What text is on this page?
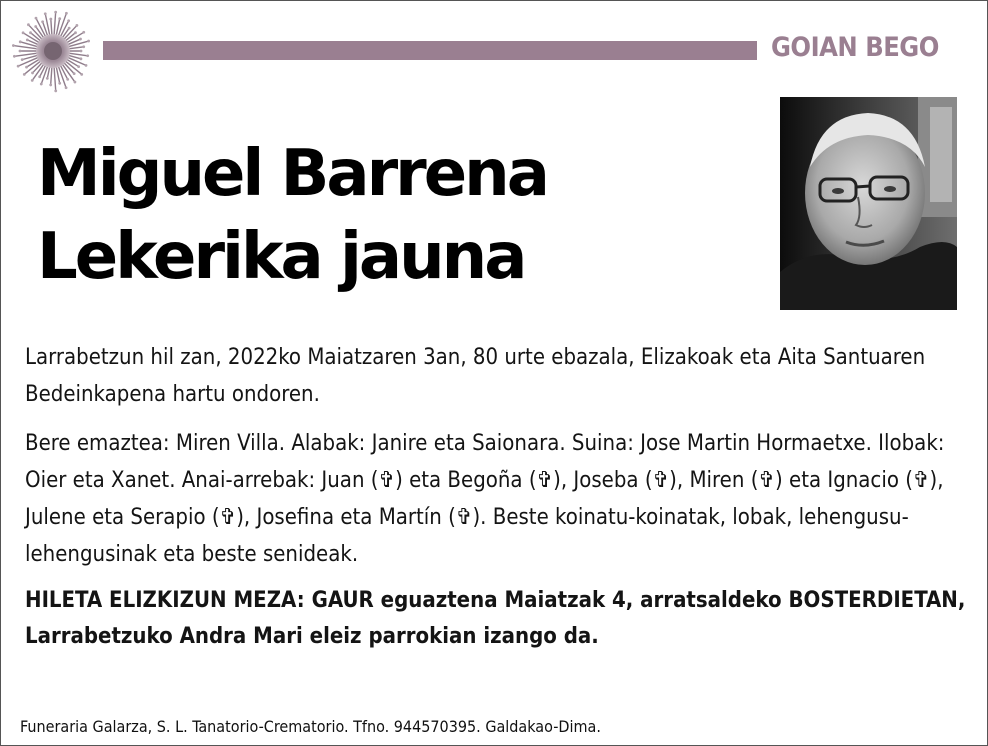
GOIAN BEGO
Miguel Barrena
Lekerika jauna

Larrabetzun hil zan, 2022ko Maiatzaren 3an, 80 urte ebazala, Elizakoak eta Aita Santuaren Bedeinkapena hartu ondoren.

Bere emaztea: Miren Villa. Alabak: Janire eta Saionara. Suina: Jose Martin Hormaetxe. Ilobak: Oier eta Xanet. Anai-arrebak: Juan (✞) eta Begoña (✞), Joseba (✞), Miren (✞) eta Ignacio (✞), Julene eta Serapio (✞), Josefina eta Martín (✞). Beste koinatu-koinatak, lobak, lehengusu-lehengusinak eta beste senideak.

HILETA ELIZKIZUN MEZA: GAUR eguaztena Maiatzak 4, arratsaldeko BOSTERDIETAN, Larrabetzuko Andra Mari eleiz parrokian izango da.

Funeraria Galarza, S. L. Tanatorio-Crematorio. Tfno. 944570395. Galdakao-Dima.
